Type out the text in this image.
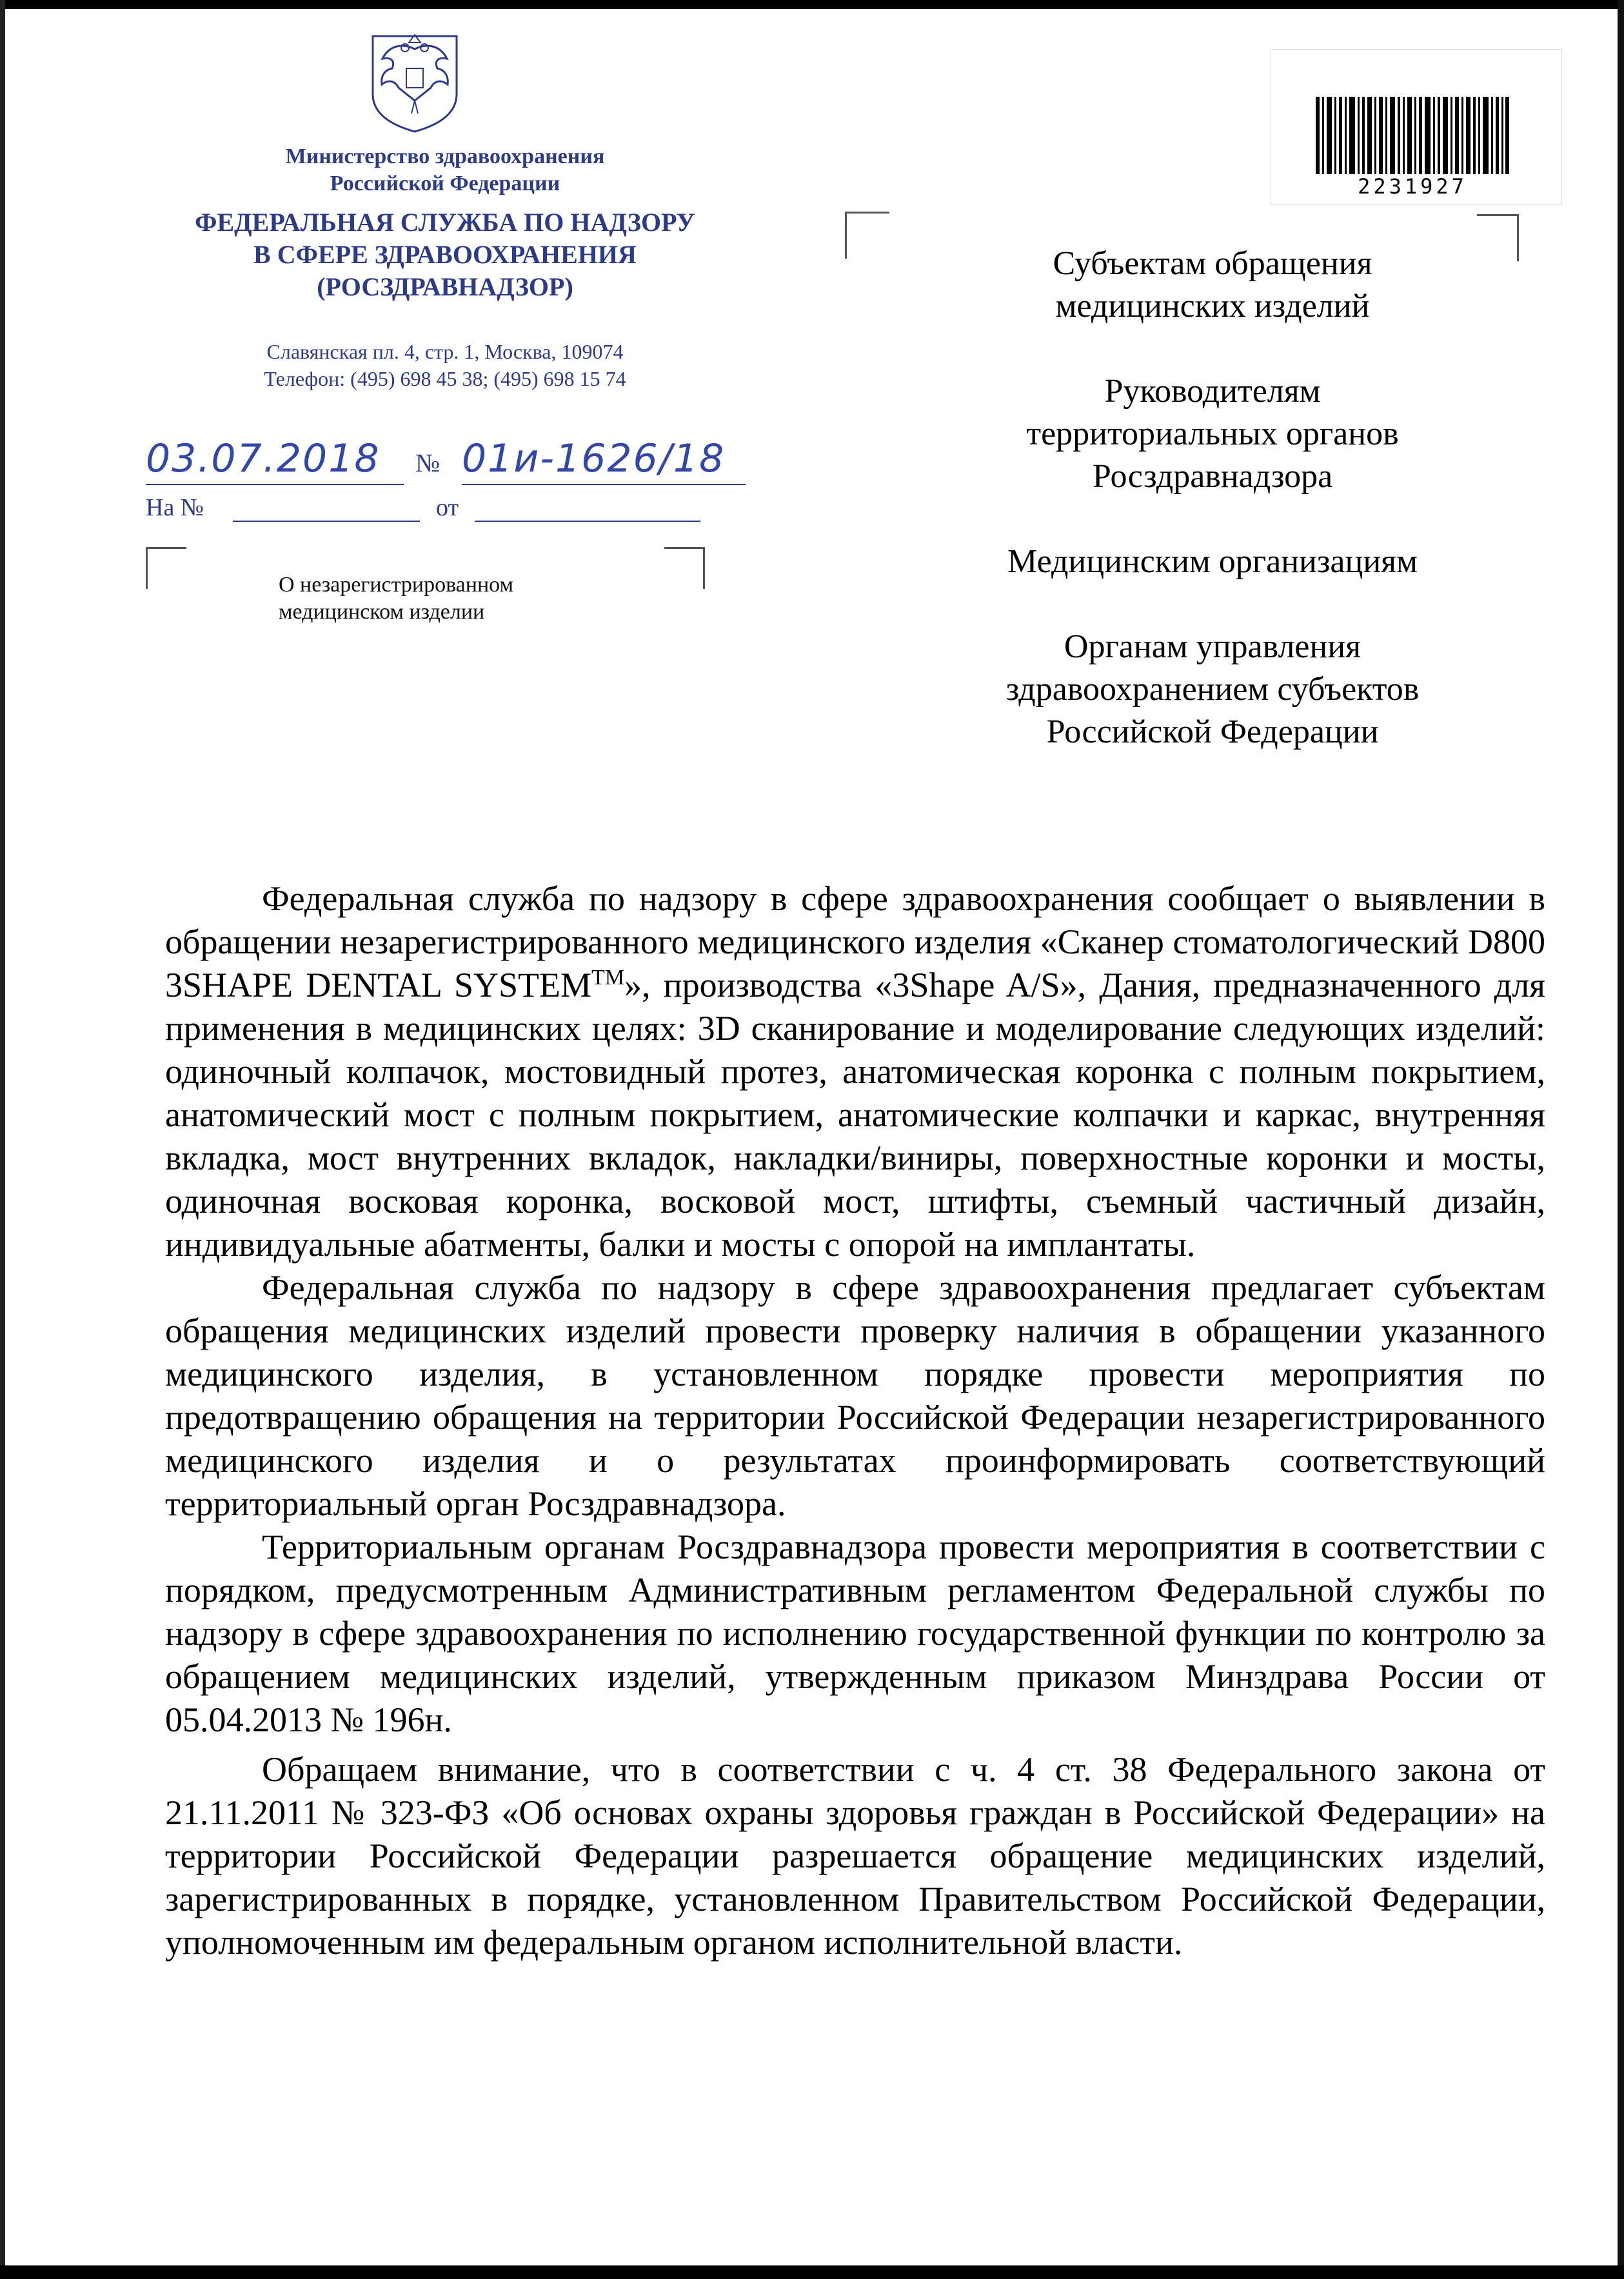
Министерство здравоохранения
Российской Федерации
ФЕДЕРАЛЬНАЯ СЛУЖБА ПО НАДЗОРУ
В СФЕРЕ ЗДРАВООХРАНЕНИЯ
(РОСЗДРАВНАДЗОР)
Славянская пл. 4, стр. 1, Москва, 109074
Телефон: (495) 698 45 38; (495) 698 15 74
03.07.2018	№ 01и-1626/18
На №	от
О незарегистрированном
медицинском изделии
2231927

Субъектам обращения медицинских изделий

Руководителям территориальных органов Росздравнадзора

Медицинским организациям

Органам управления здравоохранением субъектов Российской Федерации

Федеральная служба по надзору в сфере здравоохранения сообщает о выявлении в обращении незарегистрированного медицинского изделия «Сканер стоматологический D800 3SHAPE DENTAL SYSTEM™», производства «3Shape A/S», Дания, предназначенного для применения в медицинских целях: 3D сканирование и моделирование следующих изделий: одиночный колпачок, мостовидный протез, анатомическая коронка с полным покрытием, анатомический мост с полным покрытием, анатомические колпачки и каркас, внутренняя вкладка, мост внутренних вкладок, накладки/виниры, поверхностные коронки и мосты, одиночная восковая коронка, восковой мост, штифты, съемный частичный дизайн, индивидуальные абатменты, балки и мосты с опорой на имплантаты.

Федеральная служба по надзору в сфере здравоохранения предлагает субъектам обращения медицинских изделий провести проверку наличия в обращении указанного медицинского изделия, в установленном порядке провести мероприятия по предотвращению обращения на территории Российской Федерации незарегистрированного медицинского изделия и о результатах проинформировать соответствующий территориальный орган Росздравнадзора.

Территориальным органам Росздравнадзора провести мероприятия в соответствии с порядком, предусмотренным Административным регламентом Федеральной службы по надзору в сфере здравоохранения по исполнению государственной функции по контролю за обращением медицинских изделий, утвержденным приказом Минздрава России от 05.04.2013 № 196н.

Обращаем внимание, что в соответствии с ч. 4 ст. 38 Федерального закона от 21.11.2011 № 323-ФЗ «Об основах охраны здоровья граждан в Российской Федерации» на территории Российской Федерации разрешается обращение медицинских изделий, зарегистрированных в порядке, установленном Правительством Российской Федерации, уполномоченным им федеральным органом исполнительной власти.
